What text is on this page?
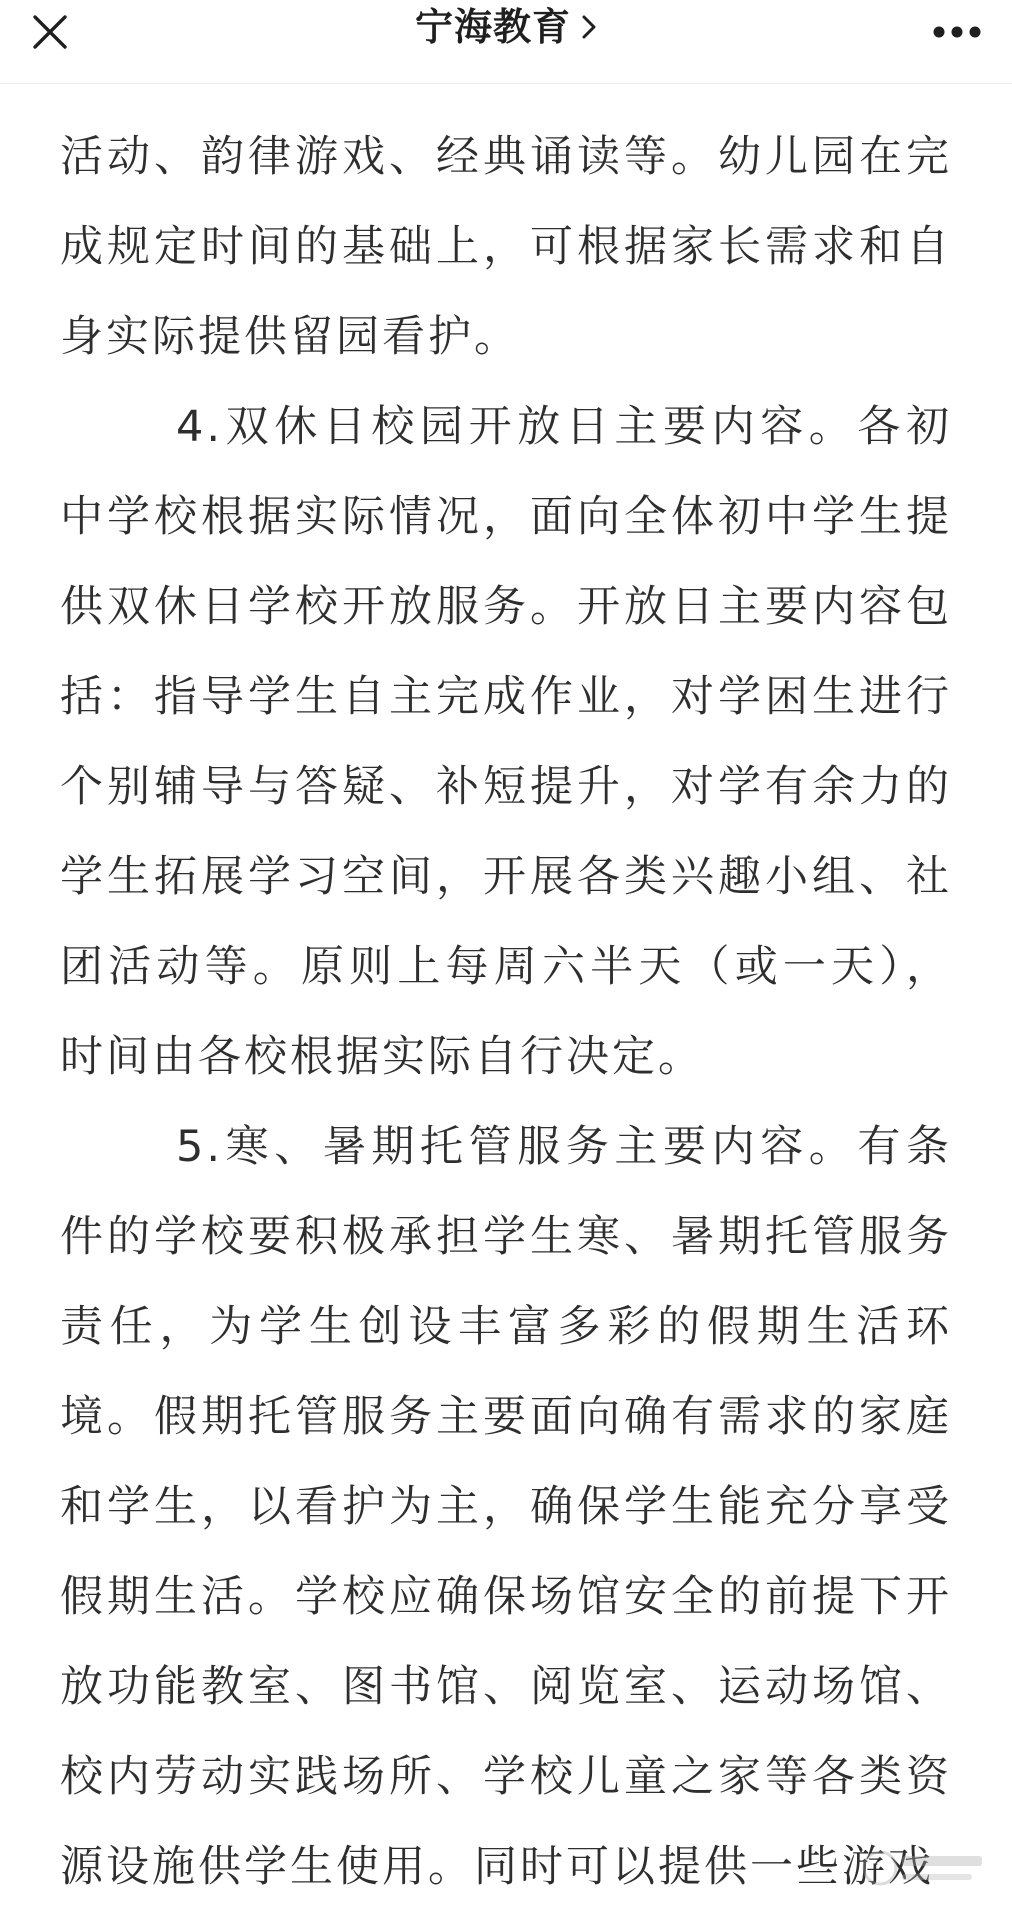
宁海教育

活动、韵律游戏、经典诵读等。幼儿园在完成规定时间的基础上，可根据家长需求和自身实际提供留园看护。

4.双休日校园开放日主要内容。各初中学校根据实际情况，面向全体初中学生提供双休日学校开放服务。开放日主要内容包括：指导学生自主完成作业，对学困生进行个别辅导与答疑、补短提升，对学有余力的学生拓展学习空间，开展各类兴趣小组、社团活动等。原则上每周六半天（或一天），时间由各校根据实际自行决定。

5.寒、暑期托管服务主要内容。有条件的学校要积极承担学生寒、暑期托管服务责任，为学生创设丰富多彩的假期生活环境。假期托管服务主要面向确有需求的家庭和学生，以看护为主，确保学生能充分享受假期生活。学校应确保场馆安全的前提下开放功能教室、图书馆、阅览室、运动场馆、校内劳动实践场所、学校儿童之家等各类资源设施供学生使用。同时可以提供一些游戏
